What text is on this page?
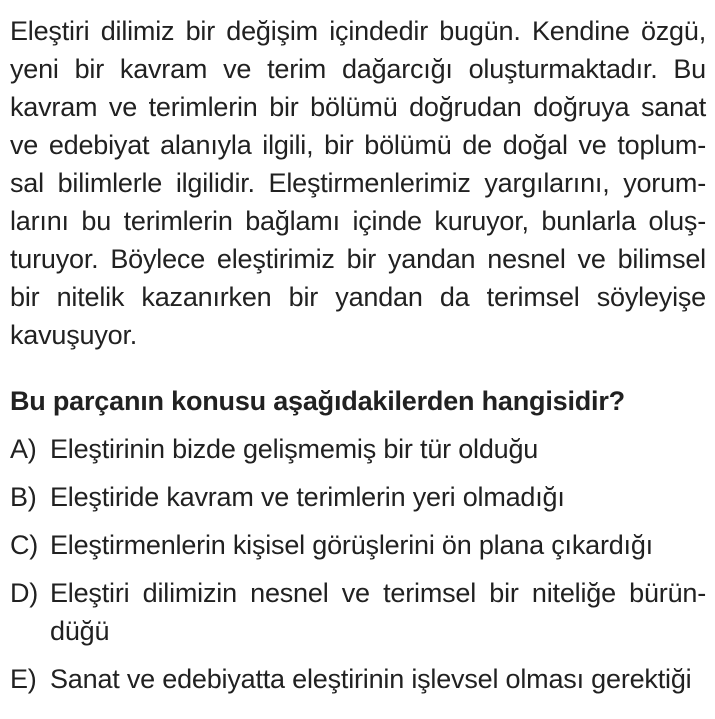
Eleştiri dilimiz bir değişim içindedir bugün. Kendine özgü,
yeni bir kavram ve terim dağarcığı oluşturmaktadır. Bu
kavram ve terimlerin bir bölümü doğrudan doğruya sanat
ve edebiyat alanıyla ilgili, bir bölümü de doğal ve toplum-
sal bilimlerle ilgilidir. Eleştirmenlerimiz yargılarını, yorum-
larını bu terimlerin bağlamı içinde kuruyor, bunlarla oluş-
turuyor. Böylece eleştirimiz bir yandan nesnel ve bilimsel
bir nitelik kazanırken bir yandan da terimsel söyleyişe
kavuşuyor.
Bu parçanın konusu aşağıdakilerden hangisidir?
A) Eleştirinin bizde gelişmemiş bir tür olduğu
B) Eleştiride kavram ve terimlerin yeri olmadığı
C) Eleştirmenlerin kişisel görüşlerini ön plana çıkardığı
D) Eleştiri dilimizin nesnel ve terimsel bir niteliğe bürün-
düğü
E) Sanat ve edebiyatta eleştirinin işlevsel olması gerektiği
